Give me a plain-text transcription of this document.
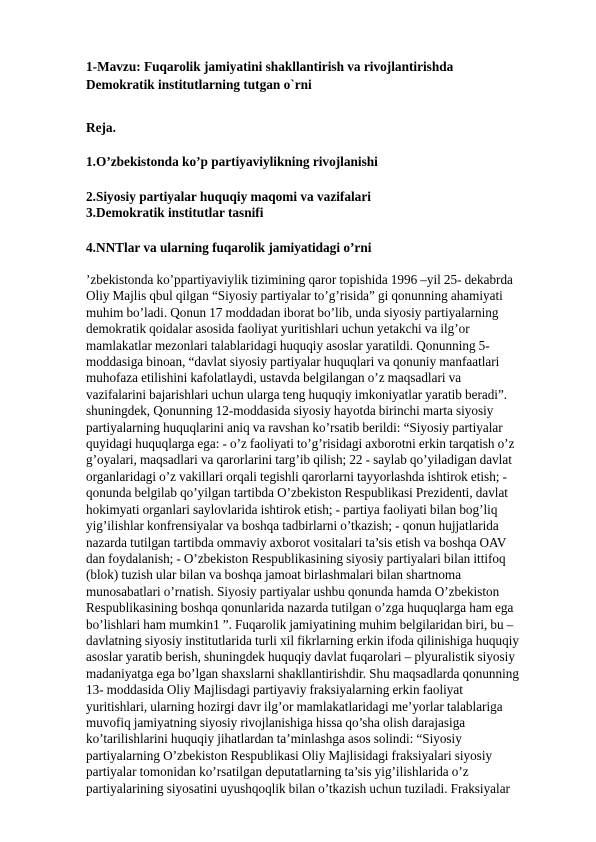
1-Mavzu: Fuqarolik jamiyatini shakllantirish va rivojlantirishda Demokratik institutlarning tutgan o`rni

Reja.

1.O’zbekistonda ko’p partiyaviylikning rivojlanishi

2.Siyosiy partiyalar huquqiy maqomi va vazifalari

3.Demokratik institutlar tasnifi

4.NNTlar va ularning fuqarolik jamiyatidagi o’rni

’zbekistonda ko’ppartiyaviylik tizimining qaror topishida 1996 –yil 25- dekabrda Oliy Majlis qbul qilgan “Siyosiy partiyalar to’g’risida” gi qonunning ahamiyati muhim bo’ladi. Qonun 17 moddadan iborat bo’lib, unda siyosiy partiyalarning demokratik qoidalar asosida faoliyat yuritishlari uchun yetakchi va ilg’or mamlakatlar mezonlari talablaridagi huquqiy asoslar yaratildi. Qonunning 5-moddasiga binoan, “davlat siyosiy partiyalar huquqlari va qonuniy manfaatlari muhofaza etilishini kafolatlaydi, ustavda belgilangan o’z maqsadlari va vazifalarini bajarishlari uchun ularga teng huquqiy imkoniyatlar yaratib beradi”. shuningdek, Qonunning 12-moddasida siyosiy hayotda birinchi marta siyosiy partiyalarning huquqlarini aniq va ravshan ko’rsatib berildi: “Siyosiy partiyalar quyidagi huquqlarga ega: - o’z faoliyati to’g’risidagi axborotni erkin tarqatish o’z g’oyalari, maqsadlari va qarorlarini targ’ib qilish; 22 - saylab qo’yiladigan davlat organlaridagi o’z vakillari orqali tegishli qarorlarni tayyorlashda ishtirok etish; - qonunda belgilab qo’yilgan tartibda O’zbekiston Respublikasi Prezidenti, davlat hokimyati organlari saylovlarida ishtirok etish; - partiya faoliyati bilan bog’liq yig’ilishlar konfrensiyalar va boshqa tadbirlarni o’tkazish; - qonun hujjatlarida nazarda tutilgan tartibda ommaviy axborot vositalari ta’sis etish va boshqa OAV dan foydalanish; - O’zbekiston Respublikasining siyosiy partiyalari bilan ittifoq (blok) tuzish ular bilan va boshqa jamoat birlashmalari bilan shartnoma munosabatlari o’rnatish. Siyosiy partiyalar ushbu qonunda hamda O’zbekiston Respublikasining boshqa qonunlarida nazarda tutilgan o’zga huquqlarga ham ega bo’lishlari ham mumkin1 ”. Fuqarolik jamiyatining muhim belgilaridan biri, bu – davlatning siyosiy institutlarida turli xil fikrlarning erkin ifoda qilinishiga huquqiy asoslar yaratib berish, shuningdek huquqiy davlat fuqarolari – plyuralistik siyosiy madaniyatga ega bo’lgan shaxslarni shakllantirishdir. Shu maqsadlarda qonunning 13- moddasida Oliy Majlisdagi partiyaviy fraksiyalarning erkin faoliyat yuritishlari, ularning hozirgi davr ilg’or mamlakatlaridagi me’yorlar talablariga muvofiq jamiyatning siyosiy rivojlanishiga hissa qo’sha olish darajasiga ko’tarilishlarini huquqiy jihatlardan ta’minlashga asos solindi: “Siyosiy partiyalarning O’zbekiston Respublikasi Oliy Majlisidagi fraksiyalari siyosiy partiyalar tomonidan ko’rsatilgan deputatlarning ta’sis yig’ilishlarida o’z partiyalarining siyosatini uyushqoqlik bilan o’tkazish uchun tuziladi. Fraksiyalar
